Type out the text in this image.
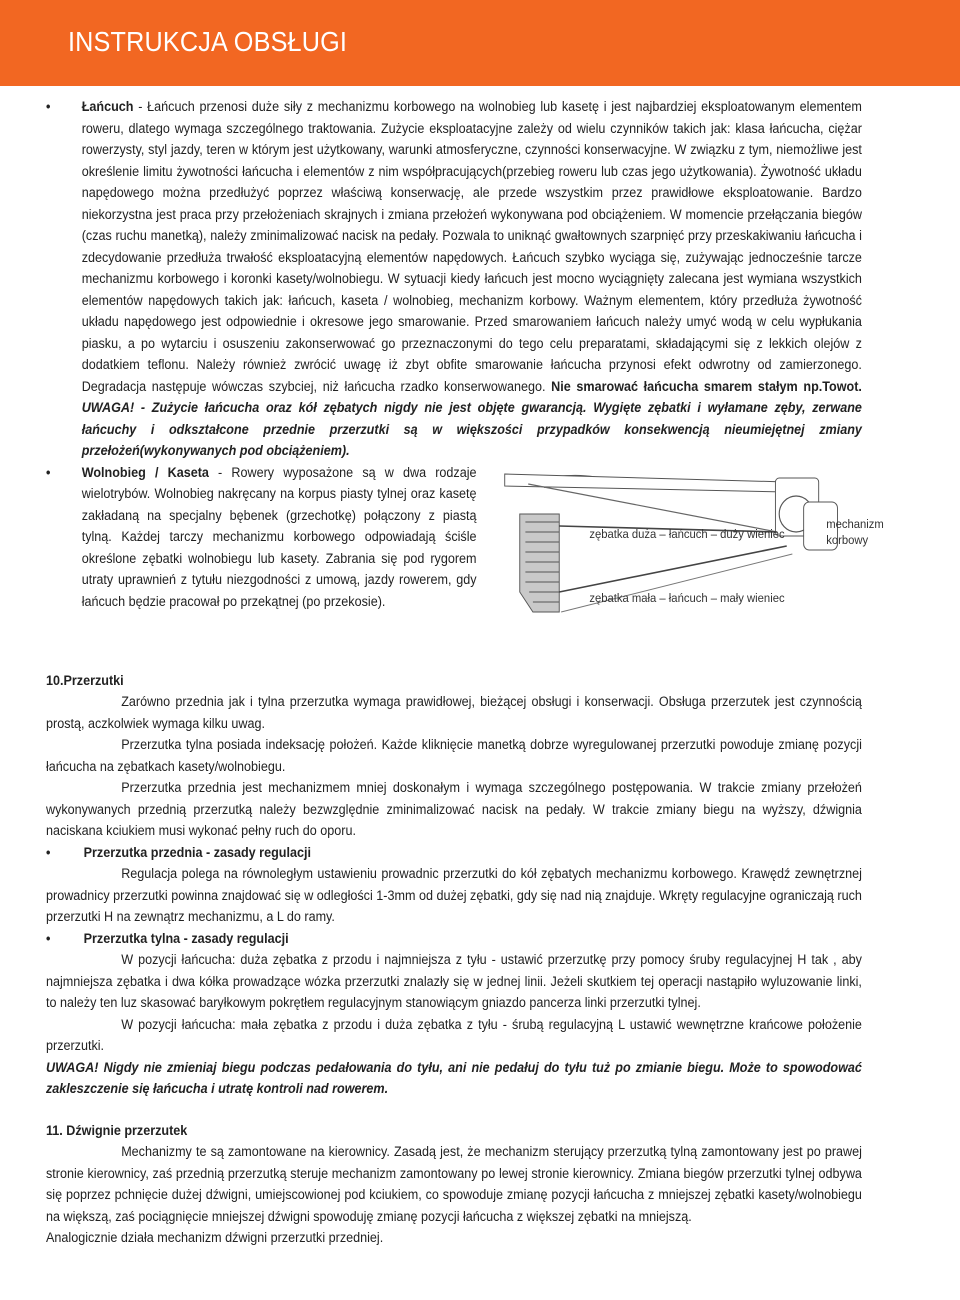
INSTRUKCJA OBSŁUGI
• Łańcuch - Łańcuch przenosi duże siły z mechanizmu korbowego na wolnobieg lub kasetę i jest najbardziej eksploatowanym elementem roweru, dlatego wymaga szczególnego traktowania. Zużycie eksploatacyjne zależy od wielu czynników takich jak: klasa łańcucha, ciężar rowerzysty, styl jazdy, teren w którym jest użytkowany, warunki atmosferyczne, czynności konserwacyjne. W związku z tym, niemożliwe jest określenie limitu żywotności łańcucha i elementów z nim współpracujących(przebieg roweru lub czas jego użytkowania). Żywotność układu napędowego można przedłużyć poprzez właściwą konserwację, ale przede wszystkim przez prawidłowe eksploatowanie. Bardzo niekorzystna jest praca przy przełożeniach skrajnych i zmiana przełożeń wykonywana pod obciążeniem. W momencie przełączania biegów (czas ruchu manetką), należy zminimalizować nacisk na pedały. Pozwala to uniknąć gwałtownych szarpnięć przy przeskakiwaniu łańcucha i zdecydowanie przedłuża trwałość eksploatacyjną elementów napędowych. Łańcuch szybko wyciąga się, zużywając jednocześnie tarcze mechanizmu korbowego i koronki kasety/wolnobiegu. W sytuacji kiedy łańcuch jest mocno wyciągnięty zalecana jest wymiana wszystkich elementów napędowych takich jak: łańcuch, kaseta / wolnobieg, mechanizm korbowy. Ważnym elementem, który przedłuża żywotność układu napędowego jest odpowiednie i okresowe jego smarowanie. Przed smarowaniem łańcuch należy umyć wodą w celu wypłukania piasku, a po wytarciu i osuszeniu zakonserwować go przeznaczonymi do tego celu preparatami, składającymi się z lekkich olejów z dodatkiem teflonu. Należy również zwrócić uwagę iż zbyt obfite smarowanie łańcucha przynosi efekt odwrotny od zamierzonego. Degradacja następuje wówczas szybciej, niż łańcucha rzadko konserwowanego. Nie smarować łańcucha smarem stałym np.Towot. UWAGA! - Zużycie łańcucha oraz kół zębatych nigdy nie jest objęte gwarancją. Wygięte zębatki i wyłamane zęby, zerwane łańcuchy i odkształcone przednie przerzutki są w większości przypadków konsekwencją nieumiejętnej zmiany przełożeń(wykonywanych pod obciążeniem).

• Wolnobieg / Kaseta - Rowery wyposażone są w dwa rodzaje wielotrybów. Wolnobieg nakręcany na korpus piasty tylnej oraz kasetę zakładaną na specjalny bębenek (grzechotkę) połączony z piastą tylną. Każdej tarczy mechanizmu korbowego odpowiadają ściśle określone zębatki wolnobiegu lub kasety. Zabrania się pod rygorem utraty uprawnień z tytułu niezgodności z umową, jazdy rowerem, gdy łańcuch będzie pracował po przekątnej (po przekosie).

zębatka duża – łańcuch – duży wieniec
zębatka mała – łańcuch – mały wieniec
mechanizm
korbowy

10.Przerzutki

Zarówno przednia jak i tylna przerzutka wymaga prawidłowej, bieżącej obsługi i konserwacji. Obsługa przerzutek jest czynnością prostą, aczkolwiek wymaga kilku uwag.

Przerzutka tylna posiada indeksację położeń. Każde kliknięcie manetką dobrze wyregulowanej przerzutki powoduje zmianę pozycji łańcucha na zębatkach kasety/wolnobiegu.

Przerzutka przednia jest mechanizmem mniej doskonałym i wymaga szczególnego postępowania. W trakcie zmiany przełożeń wykonywanych przednią przerzutką należy bezwzględnie zminimalizować nacisk na pedały. W trakcie zmiany biegu na wyższy, dźwignia naciskana kciukiem musi wykonać pełny ruch do oporu.

• Przerzutka przednia - zasady regulacji

Regulacja polega na równoległym ustawieniu prowadnic przerzutki do kół zębatych mechanizmu korbowego. Krawędź zewnętrznej prowadnicy przerzutki powinna znajdować się w odległości 1-3mm od dużej zębatki, gdy się nad nią znajduje. Wkręty regulacyjne ograniczają ruch przerzutki H na zewnątrz mechanizmu, a L do ramy.

• Przerzutka tylna - zasady regulacji

W pozycji łańcucha: duża zębatka z przodu i najmniejsza z tyłu - ustawić przerzutkę przy pomocy śruby regulacyjnej H tak , aby najmniejsza zębatka i dwa kółka prowadzące wózka przerzutki znalazły się w jednej linii. Jeżeli skutkiem tej operacji nastąpiło wyluzowanie linki, to należy ten luz skasować baryłkowym pokrętłem regulacyjnym stanowiącym gniazdo pancerza linki przerzutki tylnej.

W pozycji łańcucha: mała zębatka z przodu i duża zębatka z tyłu - śrubą regulacyjną L ustawić wewnętrzne krańcowe położenie przerzutki.

UWAGA! Nigdy nie zmieniaj biegu podczas pedałowania do tyłu, ani nie pedałuj do tyłu tuż po zmianie biegu. Może to spowodować zakleszczenie się łańcucha i utratę kontroli nad rowerem.

11. Dźwignie przerzutek

Mechanizmy te są zamontowane na kierownicy. Zasadą jest, że mechanizm sterujący przerzutką tylną zamontowany jest po prawej stronie kierownicy, zaś przednią przerzutką steruje mechanizm zamontowany po lewej stronie kierownicy. Zmiana biegów przerzutki tylnej odbywa się poprzez pchnięcie dużej dźwigni, umiejscowionej pod kciukiem, co spowoduje zmianę pozycji łańcucha z mniejszej zębatki kasety/wolnobiegu na większą, zaś pociągnięcie mniejszej dźwigni spowoduję zmianę pozycji łańcucha z większej zębatki na mniejszą.

Analogicznie działa mechanizm dźwigni przerzutki przedniej.
